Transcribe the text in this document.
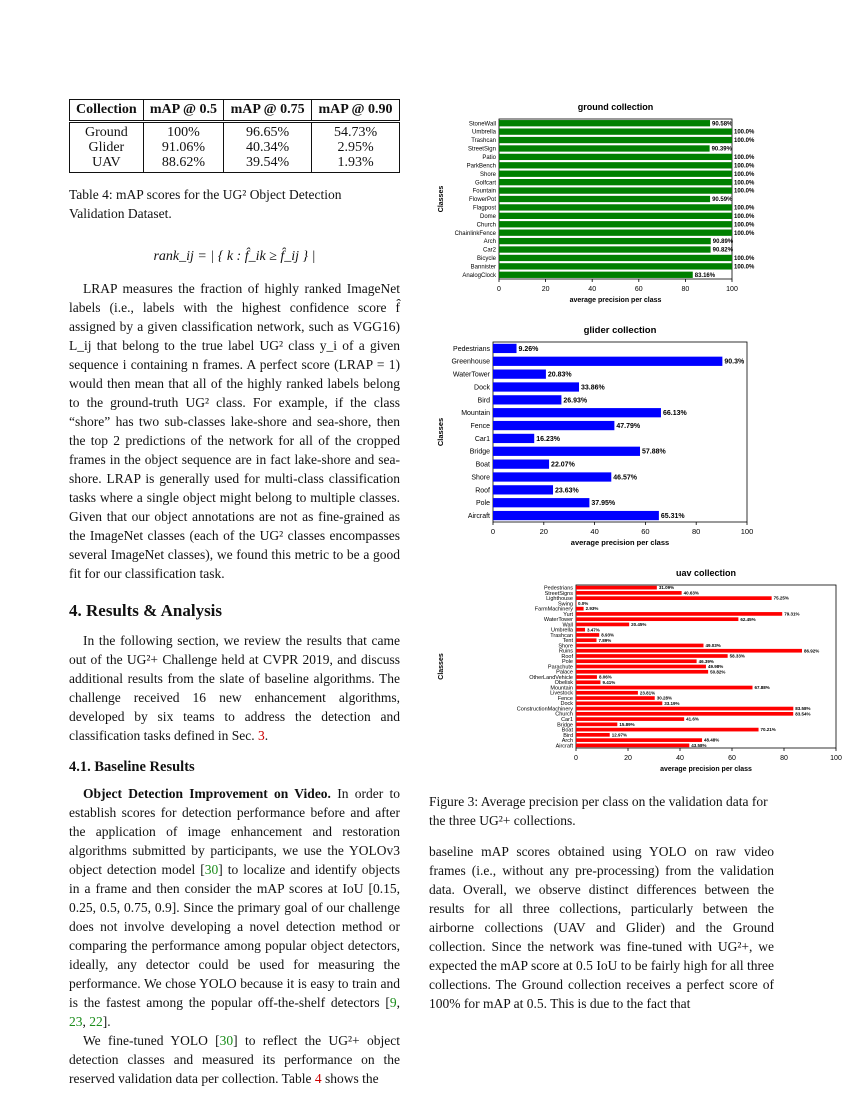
Collection	mAP @ 0.5	mAP @ 0.75	mAP @ 0.90
Ground	100%	96.65%	54.73%
Glider	91.06%	40.34%	2.95%
UAV	88.62%	39.54%	1.93%
Table 4: mAP scores for the UG² Object Detection Validation Dataset.
rank_ij = | { k : f̂_ik ≥ f̂_ij } |

LRAP measures the fraction of highly ranked ImageNet labels (i.e., labels with the highest confidence score f̂ assigned by a given classification network, such as VGG16) L_ij that belong to the true label UG² class y_i of a given sequence i containing n frames. A perfect score (LRAP = 1) would then mean that all of the highly ranked labels belong to the ground-truth UG² class. For example, if the class “shore” has two sub-classes lake-shore and sea-shore, then the top 2 predictions of the network for all of the cropped frames in the object sequence are in fact lake-shore and sea-shore. LRAP is generally used for multi-class classification tasks where a single object might belong to multiple classes. Given that our object annotations are not as fine-grained as the ImageNet classes (each of the UG² classes encompasses several ImageNet classes), we found this metric to be a good fit for our classification task.

4. Results & Analysis

In the following section, we review the results that came out of the UG²+ Challenge held at CVPR 2019, and discuss additional results from the slate of baseline algorithms. The challenge received 16 new enhancement algorithms, developed by six teams to address the detection and classification tasks defined in Sec. 3.

4.1. Baseline Results

Object Detection Improvement on Video. In order to establish scores for detection performance before and after the application of image enhancement and restoration algorithms submitted by participants, we use the YOLOv3 object detection model [30] to localize and identify objects in a frame and then consider the mAP scores at IoU [0.15, 0.25, 0.5, 0.75, 0.9]. Since the primary goal of our challenge does not involve developing a novel detection method or comparing the performance among popular object detectors, ideally, any detector could be used for measuring the performance. We chose YOLO because it is easy to train and is the fastest among the popular off-the-shelf detectors [9, 23, 22].

We fine-tuned YOLO [30] to reflect the UG²+ object detection classes and measured its performance on the reserved validation data per collection. Table 4 shows the

ground collection
90.58%
StoneWall
100.0%
Umbrella
100.0%
Trashcan
90.39%
StreetSign
100.0%
Patio
100.0%
ParkBench
100.0%
Shore
100.0%
Golfcart
100.0%
Fountain
90.59%
FlowerPot
100.0%
Flagpost
100.0%
Dome
100.0%
Church
100.0%
ChainlinkFence
90.89%
Arch
90.82%
Car2
100.0%
Bicycle
100.0%
Bannister
83.16%
AnalogClock
0	20	40	60	80	100
average precision per class
Classes
glider collection
9.26%
Pedestrians
90.3%
Greenhouse
20.83%
WaterTower
33.86%
Dock
26.93%
Bird
66.13%
Mountain
47.79%
Fence
16.23%
Car1
57.88%
Bridge
22.07%
Boat
46.57%
Shore
23.63%
Roof
37.95%
Pole
65.31%
Aircraft
0	20	40	60	80	100
average precision per class
Classes
uav collection
31.09%
Pedestrians
40.63%
StreetSigns
75.25%
Lighthouse
0.0%
Swing
2.93%
FarmMachinery
79.31%
Yurt
62.45%
WaterTower
20.45%
Wall
3.47%
Umbrella
8.93%
Trashcan
7.89%
Tent
49.03%
Shore
86.92%
Ruins
58.33%
Roof
46.39%
Pole
49.98%
Parachute
50.82%
Palace
8.06%
OtherLandVehicle
9.41%
Obelisk
67.88%
Mountain
23.81%
Livestock
30.28%
Fence
33.19%
Dock
83.58%
ConstructionMachinery
83.54%
Church
41.6%
Car1
15.89%
Bridge
70.21%
Boat
12.97%
Bird
48.48%
Arch
43.58%
Aircraft
0	20	40	60	80	100
average precision per class
Classes
Figure 3: Average precision per class on the validation data for the three UG²+ collections.

baseline mAP scores obtained using YOLO on raw video frames (i.e., without any pre-processing) from the validation data. Overall, we observe distinct differences between the results for all three collections, particularly between the airborne collections (UAV and Glider) and the Ground collection. Since the network was fine-tuned with UG²+, we expected the mAP score at 0.5 IoU to be fairly high for all three collections. The Ground collection receives a perfect score of 100% for mAP at 0.5. This is due to the fact that
